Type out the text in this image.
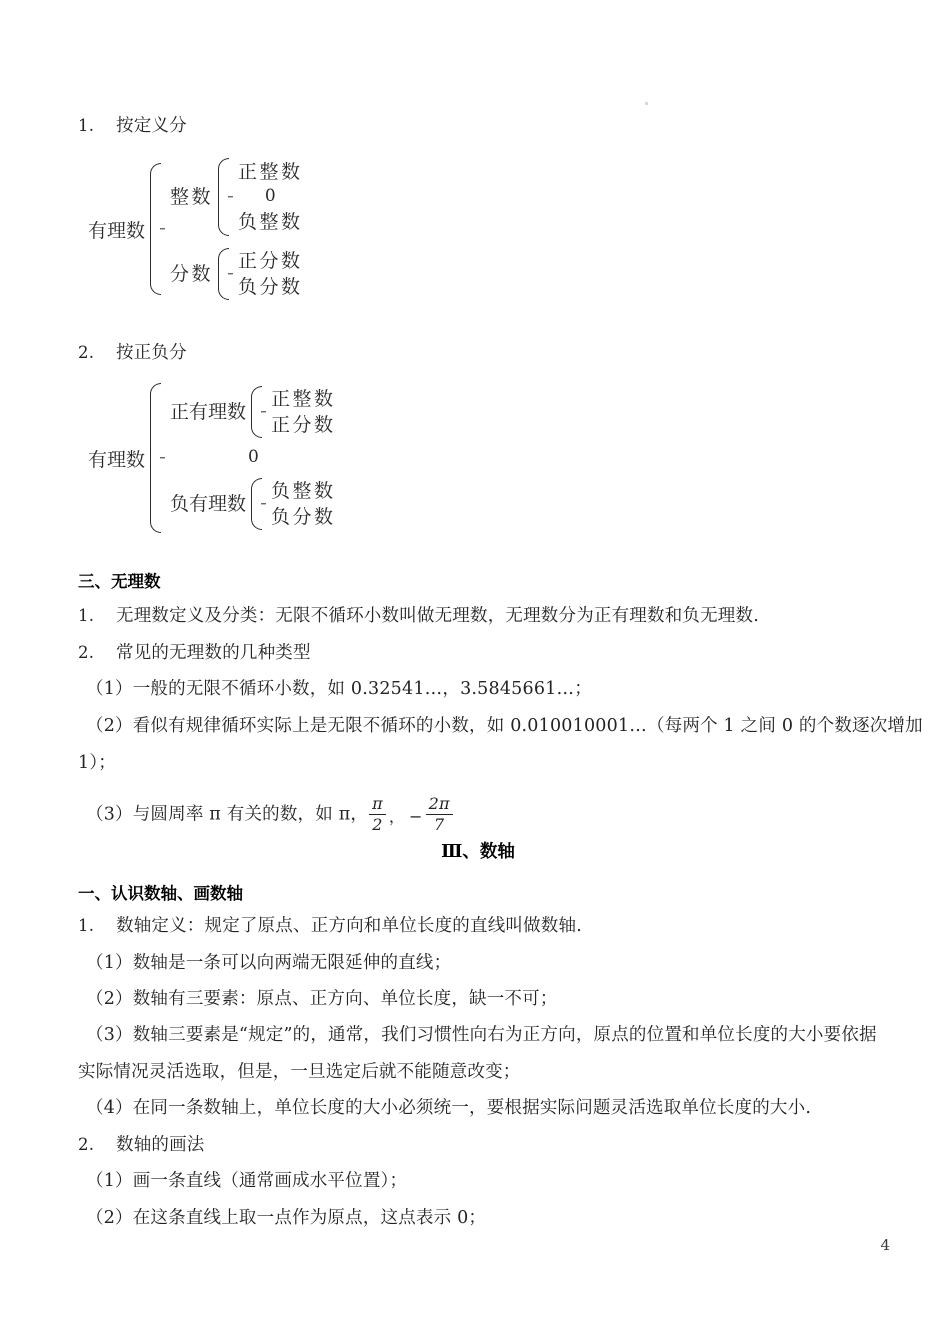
1. 按定义分
有理数
整数
正整数
0
负整数
分数
正分数
负分数
2. 按正负分
有理数
正有理数
正整数
正分数
0
负有理数
负整数
负分数
三、无理数
1. 无理数定义及分类：无限不循环小数叫做无理数，无理数分为正有理数和负无理数.
2. 常见的无理数的几种类型
（1）一般的无限不循环小数，如 0.32541…，3.5845661…；
（2）看似有规律循环实际上是无限不循环的小数，如 0.010010001…（每两个 1 之间 0 的个数逐次增加
1）；
（3）与圆周率 π 有关的数，如 π， $\frac{\pi}{2}$ ， − $\frac{2\pi}{7}$
Ⅲ、数轴
一、认识数轴、画数轴
1. 数轴定义：规定了原点、正方向和单位长度的直线叫做数轴.
（1）数轴是一条可以向两端无限延伸的直线；
（2）数轴有三要素：原点、正方向、单位长度，缺一不可；
（3）数轴三要素是“规定”的，通常，我们习惯性向右为正方向，原点的位置和单位长度的大小要依据
实际情况灵活选取，但是，一旦选定后就不能随意改变；
（4）在同一条数轴上，单位长度的大小必须统一，要根据实际问题灵活选取单位长度的大小.
2. 数轴的画法
（1）画一条直线（通常画成水平位置）；
（2）在这条直线上取一点作为原点，这点表示 0；
4
